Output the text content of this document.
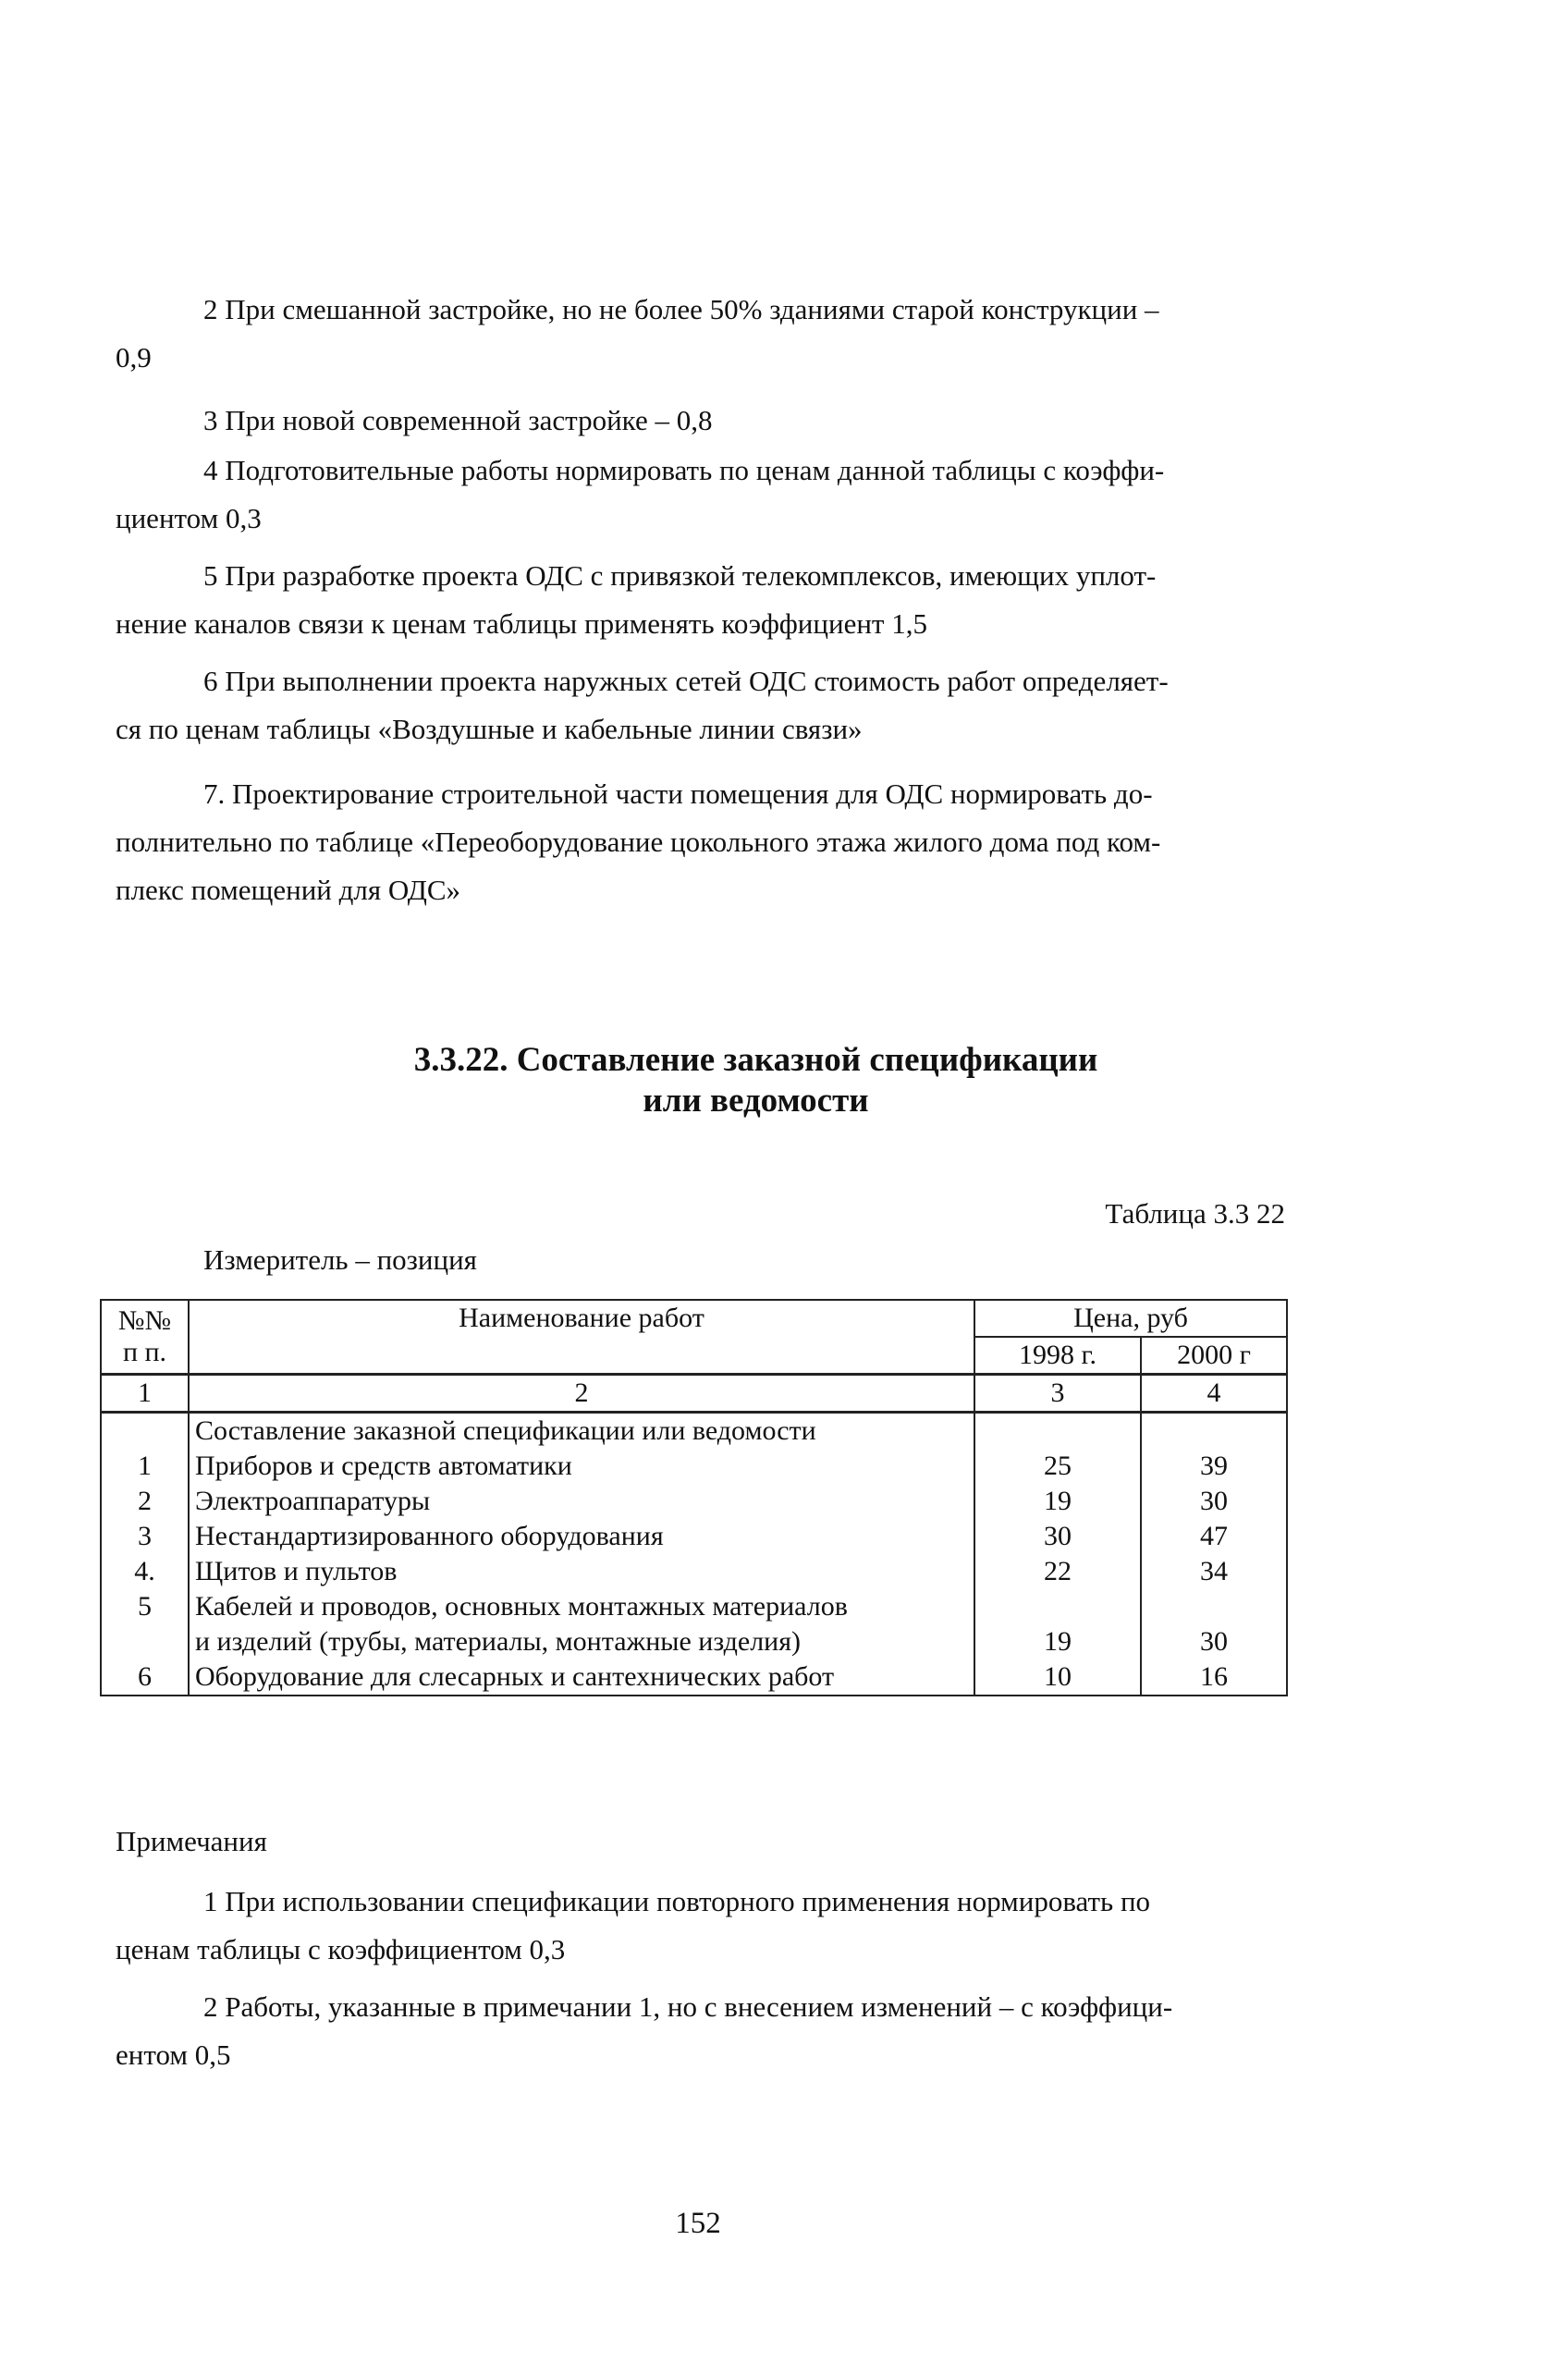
2 При смешанной застройке, но не более 50% зданиями старой конструкции –

0,9

3 При новой современной застройке – 0,8

4 Подготовительные работы нормировать по ценам данной таблицы с коэффи-

циентом 0,3

5 При разработке проекта ОДС с привязкой телекомплексов, имеющих уплот-

нение каналов связи к ценам таблицы применять коэффициент 1,5

6 При выполнении проекта наружных сетей ОДС стоимость работ определяет-

ся по ценам таблицы «Воздушные и кабельные линии связи»

7. Проектирование строительной части помещения для ОДС нормировать до-

полнительно по таблице «Переоборудование цокольного этажа жилого дома под ком-

плекс помещений для ОДС»

3.3.22. Составление заказной спецификации
или ведомости
Таблица 3.3 22
Измеритель – позиция
№№
п п.	Наименование работ	Цена, руб	
		1998 г.	2000 г
1	2	3	4
	Составление заказной спецификации или ведомости		
1	Приборов и средств автоматики	25	39
2	Электроаппаратуры	19	30
3	Нестандартизированного оборудования	30	47
4.	Щитов и пультов	22	34
5	Кабелей и проводов, основных монтажных материалов		
	и изделий (трубы, материалы, монтажные изделия)	19	30
6	Оборудование для слесарных и сантехнических работ	10	16
Примечания

1 При использовании спецификации повторного применения нормировать по

ценам таблицы с коэффициентом 0,3

2 Работы, указанные в примечании 1, но с внесением изменений – с коэффици-

ентом 0,5

152
